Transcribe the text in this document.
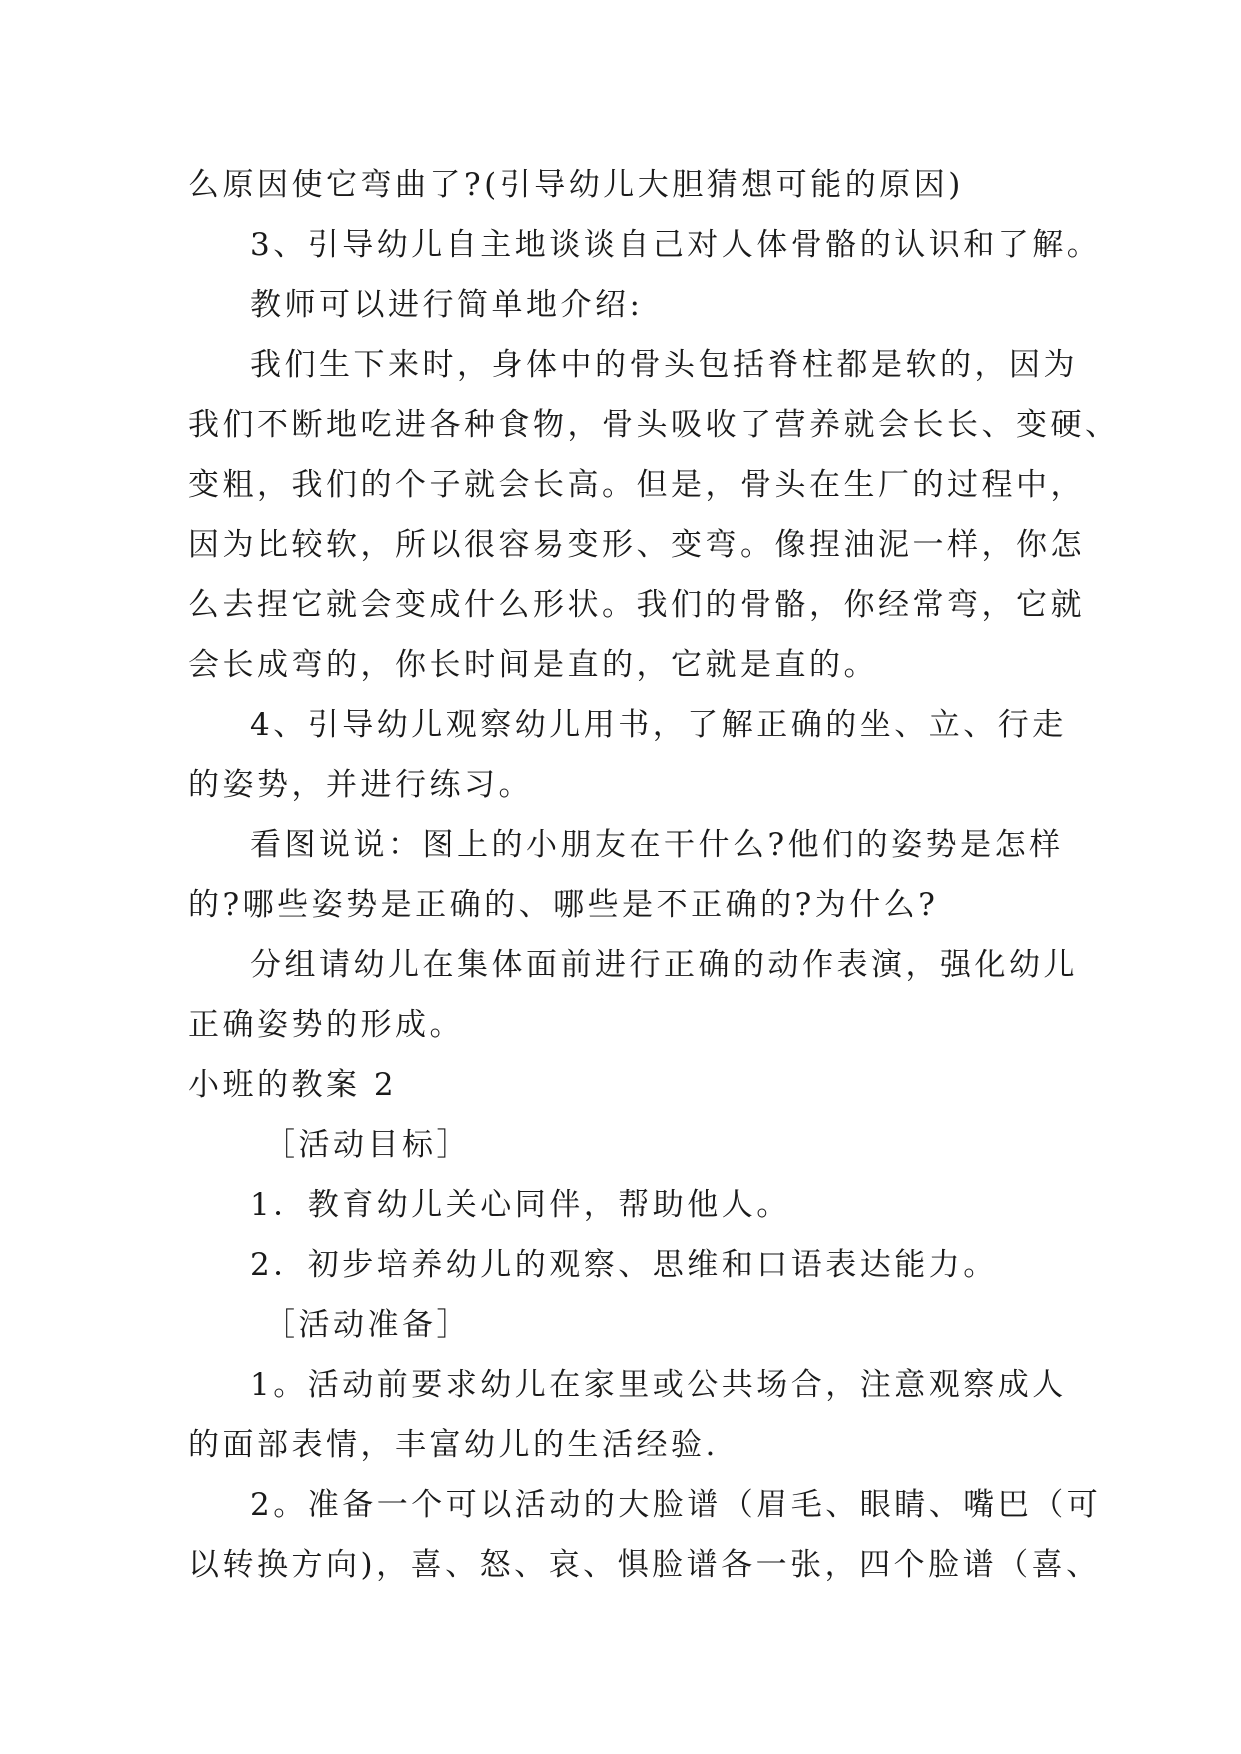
么原因使它弯曲了?(引导幼儿大胆猜想可能的原因)
3、引导幼儿自主地谈谈自己对人体骨骼的认识和了解。
教师可以进行简单地介绍:
我们生下来时，身体中的骨头包括脊柱都是软的，因为
我们不断地吃进各种食物，骨头吸收了营养就会长长、变硬、
变粗，我们的个子就会长高。但是，骨头在生厂的过程中，
因为比较软，所以很容易变形、变弯。像捏油泥一样，你怎
么去捏它就会变成什么形状。我们的骨骼，你经常弯，它就
会长成弯的，你长时间是直的，它就是直的。
4、引导幼儿观察幼儿用书，了解正确的坐、立、行走
的姿势，并进行练习。
看图说说：图上的小朋友在干什么?他们的姿势是怎样
的?哪些姿势是正确的、哪些是不正确的?为什么?
分组请幼儿在集体面前进行正确的动作表演，强化幼儿
正确姿势的形成。
小班的教案 2
［活动目标］
1．教育幼儿关心同伴，帮助他人。
2．初步培养幼儿的观察、思维和口语表达能力。
［活动准备］
1。活动前要求幼儿在家里或公共场合，注意观察成人
的面部表情，丰富幼儿的生活经验.
2。准备一个可以活动的大脸谱（眉毛、眼睛、嘴巴（可
以转换方向)，喜、怒、哀、惧脸谱各一张，四个脸谱（喜、
